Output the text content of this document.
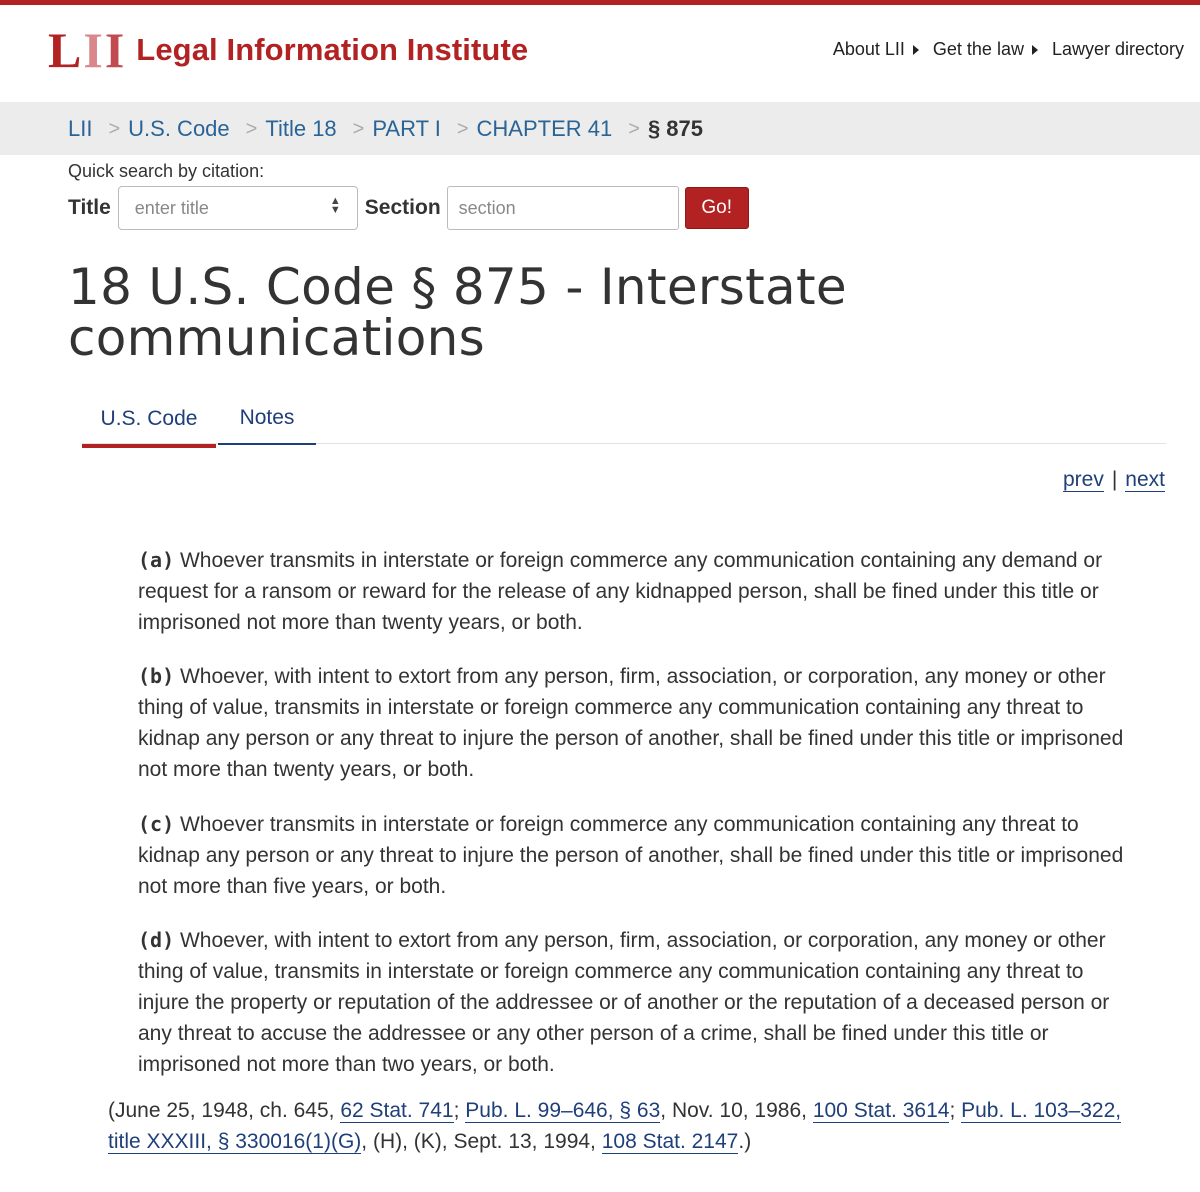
L I I Legal Information Institute	About LII Get the law Lawyer directory
LII > U.S. Code > Title 18 > PART I > CHAPTER 41 > § 875
Quick search by citation:
Title enter title	▲
▼ Section
section	Go!
18 U.S. Code § 875 - Interstate communications
U.S. Code	Notes
prev | next

(a) Whoever transmits in interstate or foreign commerce any communication containing any demand or request for a ransom or reward for the release of any kidnapped person, shall be fined under this title or imprisoned not more than twenty years, or both.

(b) Whoever, with intent to extort from any person, firm, association, or corporation, any money or other thing of value, transmits in interstate or foreign commerce any communication containing any threat to kidnap any person or any threat to injure the person of another, shall be fined under this title or imprisoned not more than twenty years, or both.

(c) Whoever transmits in interstate or foreign commerce any communication containing any threat to kidnap any person or any threat to injure the person of another, shall be fined under this title or imprisoned not more than five years, or both.

(d) Whoever, with intent to extort from any person, firm, association, or corporation, any money or other thing of value, transmits in interstate or foreign commerce any communication containing any threat to injure the property or reputation of the addressee or of another or the reputation of a deceased person or any threat to accuse the addressee or any other person of a crime, shall be fined under this title or imprisoned not more than two years, or both.

(June 25, 1948, ch. 645, 62 Stat. 741; Pub. L. 99–646, § 63, Nov. 10, 1986, 100 Stat. 3614; Pub. L. 103–322, title XXXIII, § 330016(1)(G), (H), (K), Sept. 13, 1994, 108 Stat. 2147.)
